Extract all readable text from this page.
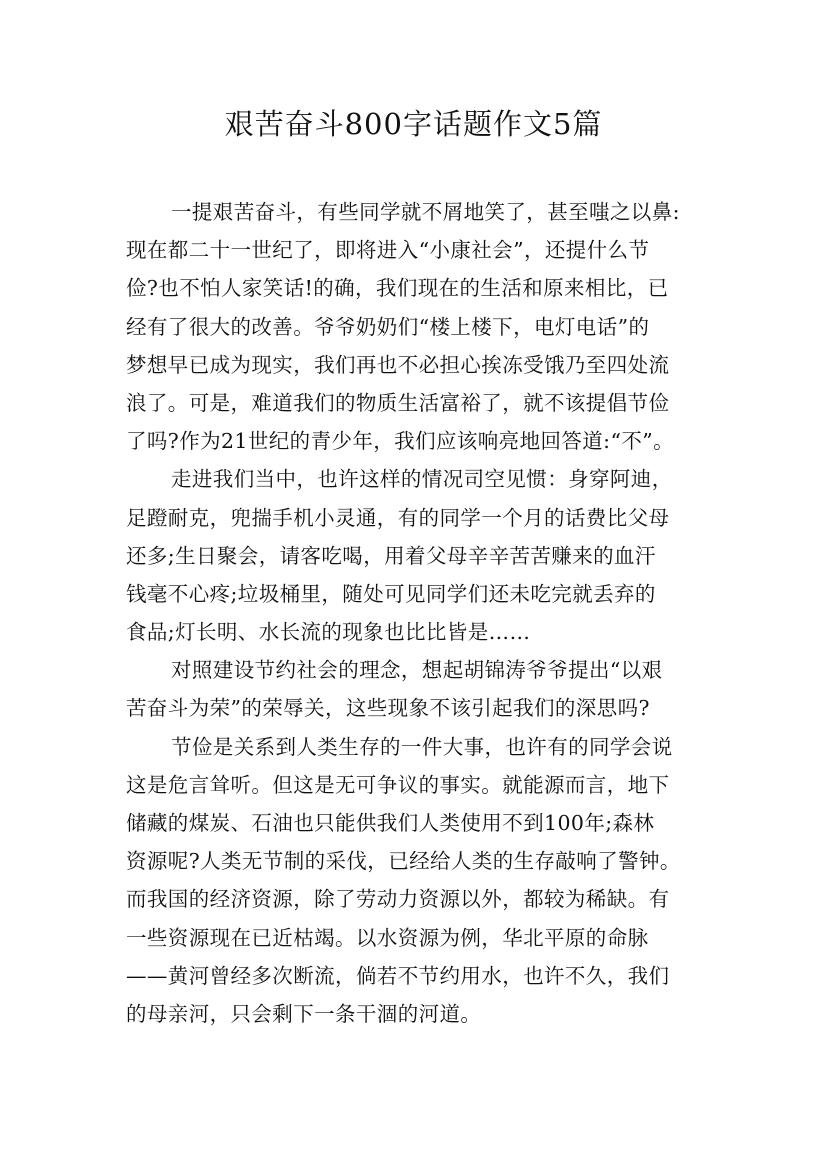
艰苦奋斗800字话题作文5篇
一提艰苦奋斗，有些同学就不屑地笑了，甚至嗤之以鼻:
现在都二十一世纪了，即将进入“小康社会”，还提什么节
俭?也不怕人家笑话!的确，我们现在的生活和原来相比，已
经有了很大的改善。爷爷奶奶们“楼上楼下，电灯电话”的
梦想早已成为现实，我们再也不必担心挨冻受饿乃至四处流
浪了。可是，难道我们的物质生活富裕了，就不该提倡节俭
了吗?作为21世纪的青少年，我们应该响亮地回答道:“不”。
走进我们当中，也许这样的情况司空见惯：身穿阿迪，
足蹬耐克，兜揣手机小灵通，有的同学一个月的话费比父母
还多;生日聚会，请客吃喝，用着父母辛辛苦苦赚来的血汗
钱毫不心疼;垃圾桶里，随处可见同学们还未吃完就丢弃的
食品;灯长明、水长流的现象也比比皆是……
对照建设节约社会的理念，想起胡锦涛爷爷提出“以艰
苦奋斗为荣”的荣辱关，这些现象不该引起我们的深思吗?
节俭是关系到人类生存的一件大事，也许有的同学会说
这是危言耸听。但这是无可争议的事实。就能源而言，地下
储藏的煤炭、石油也只能供我们人类使用不到100年;森林
资源呢?人类无节制的采伐，已经给人类的生存敲响了警钟。
而我国的经济资源，除了劳动力资源以外，都较为稀缺。有
一些资源现在已近枯竭。以水资源为例，华北平原的命脉
——黄河曾经多次断流，倘若不节约用水，也许不久，我们
的母亲河，只会剩下一条干涸的河道。
